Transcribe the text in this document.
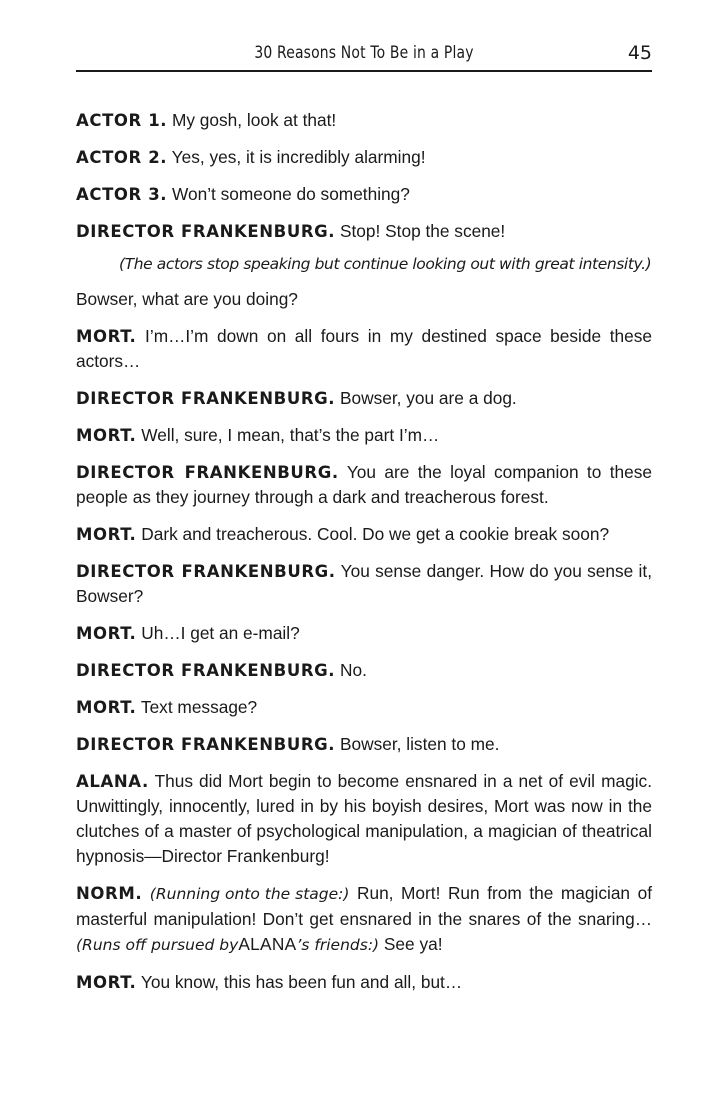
30 Reasons Not To Be in a Play	45

ACTOR 1. My gosh, look at that!

ACTOR 2. Yes, yes, it is incredibly alarming!

ACTOR 3. Won’t someone do something?

DIRECTOR FRANKENBURG. Stop! Stop the scene!

(The actors stop speaking but continue looking out with great intensity.)

Bowser, what are you doing?

MORT. I’m…I’m down on all fours in my destined space beside these actors…

DIRECTOR FRANKENBURG. Bowser, you are a dog.

MORT. Well, sure, I mean, that’s the part I’m…

DIRECTOR FRANKENBURG. You are the loyal companion to these people as they journey through a dark and treacherous forest.

MORT. Dark and treacherous. Cool. Do we get a cookie break soon?

DIRECTOR FRANKENBURG. You sense danger. How do you sense it, Bowser?

MORT. Uh…I get an e-mail?

DIRECTOR FRANKENBURG. No.

MORT. Text message?

DIRECTOR FRANKENBURG. Bowser, listen to me.

ALANA. Thus did Mort begin to become ensnared in a net of evil magic. Unwittingly, innocently, lured in by his boyish desires, Mort was now in the clutches of a master of psychological manipulation, a magician of theatrical hypnosis—Director Frankenburg!

NORM. (Running onto the stage:) Run, Mort! Run from the magician of masterful manipulation! Don’t get ensnared in the snares of the snaring… (Runs off pursued byALANA’s friends:) See ya!

MORT. You know, this has been fun and all, but…
